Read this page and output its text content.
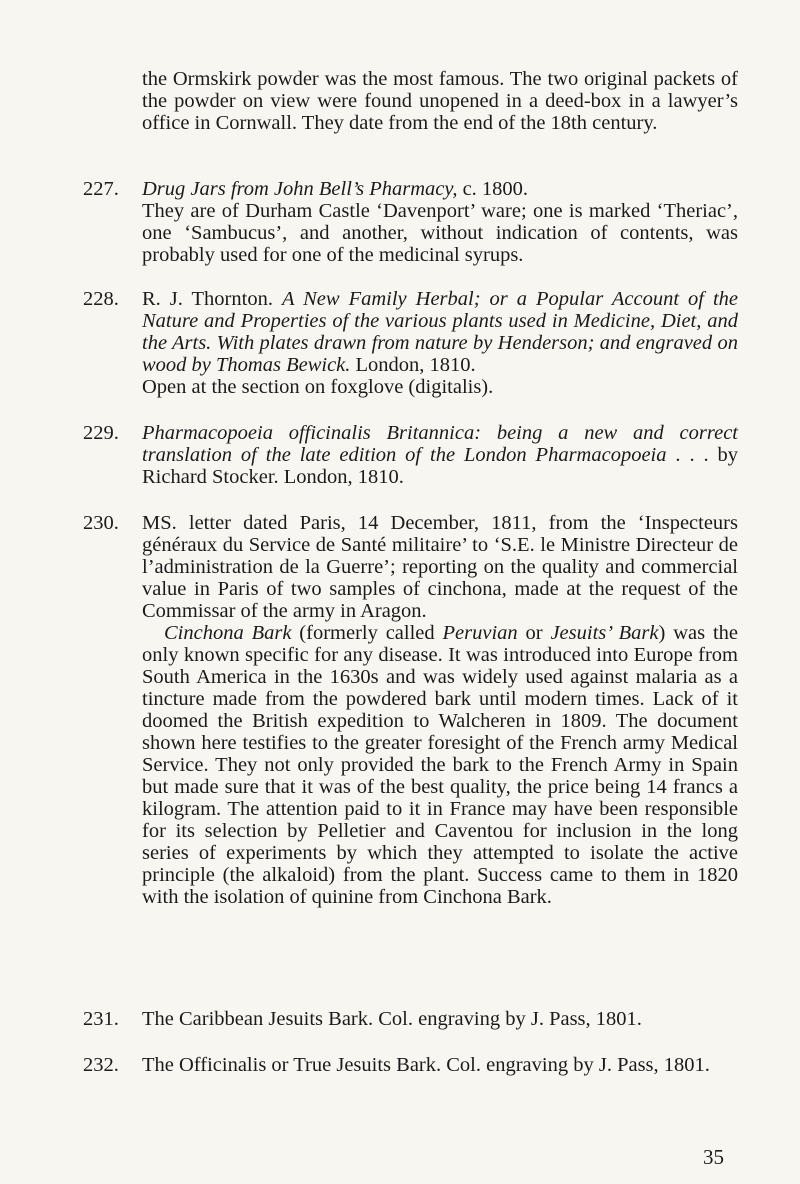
the Ormskirk powder was the most famous. The two original packets of the powder on view were found unopened in a deed-box in a lawyer’s office in Cornwall. They date from the end of the 18th century.

227.	Drug Jars from John Bell’s Pharmacy, c. 1800.

They are of Durham Castle ‘Davenport’ ware; one is marked ‘Theriac’, one ‘Sambucus’, and another, without indication of contents, was probably used for one of the medicinal syrups.

228.	R. J. Thornton. A New Family Herbal; or a Popular Account of the Nature and Properties of the various plants used in Medicine, Diet, and the Arts. With plates drawn from nature by Henderson; and engraved on wood by Thomas Bewick. London, 1810.

Open at the section on foxglove (digitalis).

229.	Pharmacopoeia officinalis Britannica: being a new and correct translation of the late edition of the London Pharmacopoeia . . . by Richard Stocker. London, 1810.

230.	MS. letter dated Paris, 14 December, 1811, from the ‘Inspecteurs généraux du Service de Santé militaire’ to ‘S.E. le Ministre Directeur de l’administration de la Guerre’; reporting on the quality and commercial value in Paris of two samples of cinchona, made at the request of the Commissar of the army in Aragon.

Cinchona Bark (formerly called Peruvian or Jesuits’ Bark) was the only known specific for any disease. It was introduced into Europe from South America in the 1630s and was widely used against malaria as a tincture made from the powdered bark until modern times. Lack of it doomed the British expedition to Walcheren in 1809. The document shown here testifies to the greater foresight of the French army Medical Service. They not only provided the bark to the French Army in Spain but made sure that it was of the best quality, the price being 14 francs a kilogram. The attention paid to it in France may have been responsible for its selection by Pelletier and Caventou for inclusion in the long series of experiments by which they attempted to isolate the active principle (the alkaloid) from the plant. Success came to them in 1820 with the isolation of quinine from Cinchona Bark.

231.	The Caribbean Jesuits Bark. Col. engraving by J. Pass, 1801.

232.	The Officinalis or True Jesuits Bark. Col. engraving by J. Pass, 1801.

35
